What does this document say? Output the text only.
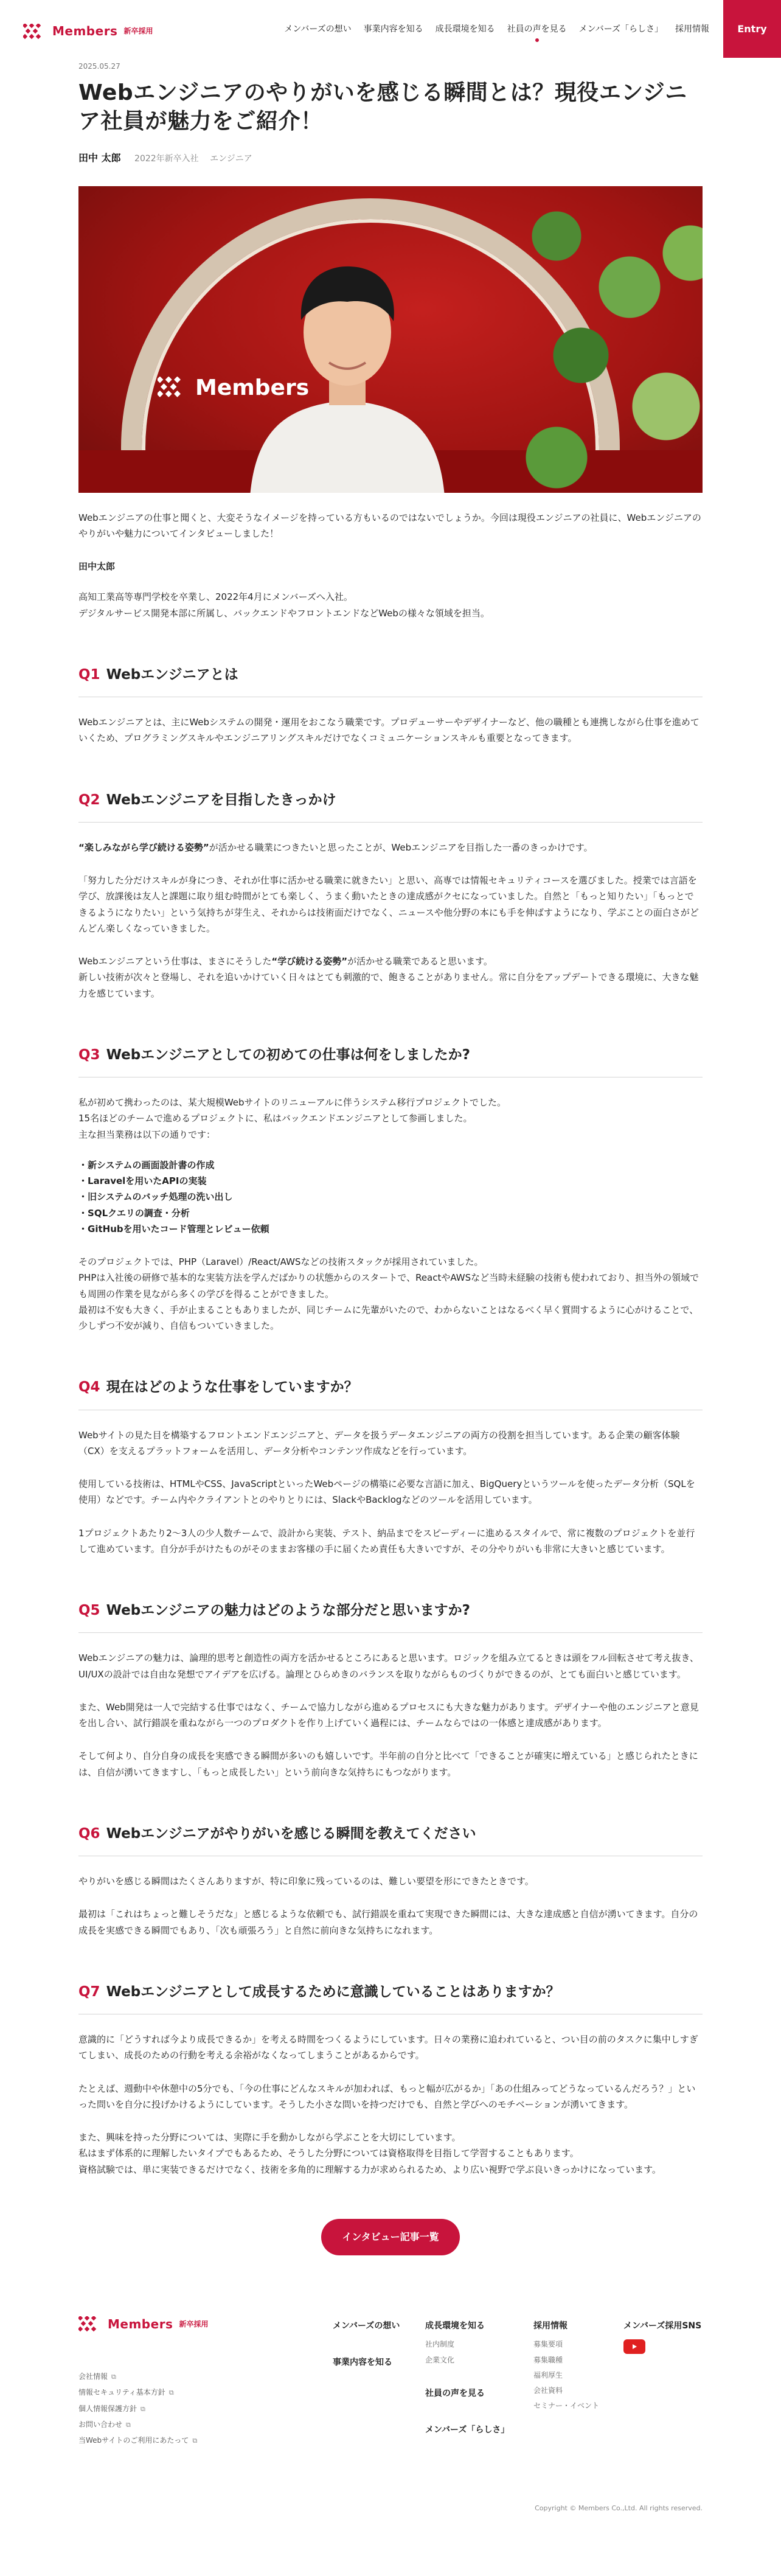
Members 新卒採用	メンバーズの想い 事業内容を知る 成長環境を知る 社員の声を見る メンバーズ「らしさ」 採用情報	Entry
2025.05.27
Webエンジニアのやりがいを感じる瞬間とは？現役エンジニア社員が魅力をご紹介！
田中 太郎 2022年新卒入社 エンジニア
Members

Webエンジニアの仕事と聞くと、大変そうなイメージを持っている方もいるのではないでしょうか。今回は現役エンジニアの社員に、Webエンジニアのやりがいや魅力についてインタビューしました！

田中太郎

高知工業高等専門学校を卒業し、2022年4月にメンバーズへ入社。
デジタルサービス開発本部に所属し、バックエンドやフロントエンドなどWebの様々な領域を担当。

Q1 Webエンジニアとは

Webエンジニアとは、主にWebシステムの開発・運用をおこなう職業です。プロデューサーやデザイナーなど、他の職種とも連携しながら仕事を進めていくため、プログラミングスキルやエンジニアリングスキルだけでなくコミュニケーションスキルも重要となってきます。

Q2 Webエンジニアを目指したきっかけ

“楽しみながら学び続ける姿勢”が活かせる職業につきたいと思ったことが、Webエンジニアを目指した一番のきっかけです。

「努力した分だけスキルが身につき、それが仕事に活かせる職業に就きたい」と思い、高専では情報セキュリティコースを選びました。授業では言語を学び、放課後は友人と課題に取り組む時間がとても楽しく、うまく動いたときの達成感がクセになっていました。自然と「もっと知りたい」「もっとできるようになりたい」という気持ちが芽生え、それからは技術面だけでなく、ニュースや他分野の本にも手を伸ばすようになり、学ぶことの面白さがどんどん楽しくなっていきました。

Webエンジニアという仕事は、まさにそうした“学び続ける姿勢”が活かせる職業であると思います。
新しい技術が次々と登場し、それを追いかけていく日々はとても刺激的で、飽きることがありません。常に自分をアップデートできる環境に、大きな魅力を感じています。

Q3 Webエンジニアとしての初めての仕事は何をしましたか?

私が初めて携わったのは、某大規模Webサイトのリニューアルに伴うシステム移行プロジェクトでした。
15名ほどのチームで進めるプロジェクトに、私はバックエンドエンジニアとして参画しました。
主な担当業務は以下の通りです：

・ 新システムの画面設計書の作成
・ Laravelを用いたAPIの実装
・ 旧システムのバッチ処理の洗い出し
・ SQLクエリの調査・分析
・ GitHubを用いたコード管理とレビュー依頼

そのプロジェクトでは、PHP（Laravel）/React/AWSなどの技術スタックが採用されていました。
PHPは入社後の研修で基本的な実装方法を学んだばかりの状態からのスタートで、ReactやAWSなど当時未経験の技術も使われており、担当外の領域でも周囲の作業を見ながら多くの学びを得ることができました。
最初は不安も大きく、手が止まることもありましたが、同じチームに先輩がいたので、わからないことはなるべく早く質問するように心がけることで、少しずつ不安が減り、自信もついていきました。

Q4 現在はどのような仕事をしていますか？

Webサイトの見た目を構築するフロントエンドエンジニアと、データを扱うデータエンジニアの両方の役割を担当しています。ある企業の顧客体験（CX）を支えるプラットフォームを活用し、データ分析やコンテンツ作成などを行っています。

使用している技術は、HTMLやCSS、JavaScriptといったWebページの構築に必要な言語に加え、BigQueryというツールを使ったデータ分析（SQLを使用）などです。チーム内やクライアントとのやりとりには、SlackやBacklogなどのツールを活用しています。

1プロジェクトあたり2〜3人の少人数チームで、設計から実装、テスト、納品までをスピーディーに進めるスタイルで、常に複数のプロジェクトを並行して進めています。自分が手がけたものがそのままお客様の手に届くため責任も大きいですが、その分やりがいも非常に大きいと感じています。

Q5 Webエンジニアの魅力はどのような部分だと思いますか?

Webエンジニアの魅力は、論理的思考と創造性の両方を活かせるところにあると思います。ロジックを組み立てるときは頭をフル回転させて考え抜き、UI/UXの設計では自由な発想でアイデアを広げる。論理とひらめきのバランスを取りながらものづくりができるのが、とても面白いと感じています。

また、Web開発は一人で完結する仕事ではなく、チームで協力しながら進めるプロセスにも大きな魅力があります。デザイナーや他のエンジニアと意見を出し合い、試行錯誤を重ねながら一つのプロダクトを作り上げていく過程には、チームならではの一体感と達成感があります。

そして何より、自分自身の成長を実感できる瞬間が多いのも嬉しいです。半年前の自分と比べて「できることが確実に増えている」と感じられたときには、自信が湧いてきますし、「もっと成長したい」という前向きな気持ちにもつながります。

Q6 Webエンジニアがやりがいを感じる瞬間を教えてください

やりがいを感じる瞬間はたくさんありますが、特に印象に残っているのは、難しい要望を形にできたときです。

最初は「これはちょっと難しそうだな」と感じるような依頼でも、試行錯誤を重ねて実現できた瞬間には、大きな達成感と自信が湧いてきます。自分の成長を実感できる瞬間でもあり、「次も頑張ろう」と自然に前向きな気持ちになれます。

Q7 Webエンジニアとして成長するために意識していることはありますか？

意識的に「どうすれば今より成長できるか」を考える時間をつくるようにしています。日々の業務に追われていると、つい目の前のタスクに集中しすぎてしまい、成長のための行動を考える余裕がなくなってしまうことがあるからです。

たとえば、週動中や休憩中の5分でも、「今の仕事にどんなスキルが加われば、もっと幅が広がるか」「あの仕組みってどうなっているんだろう？」といった問いを自分に投げかけるようにしています。そうした小さな問いを持つだけでも、自然と学びへのモチベーションが湧いてきます。

また、興味を持った分野については、実際に手を動かしながら学ぶことを大切にしています。
私はまず体系的に理解したいタイプでもあるため、そうした分野については資格取得を目指して学習することもあります。
資格試験では、単に実装できるだけでなく、技術を多角的に理解する力が求められるため、より広い視野で学ぶ良いきっかけになっています。

インタビュー記事一覧
Members 新卒採用
会社情報 ⧉
情報セキュリティ基本方針 ⧉
個人情報保護方針 ⧉
お問い合わせ ⧉
当Webサイトのご利用にあたって ⧉
メンバーズの想い
事業内容を知る
成長環境を知る
社内制度
企業文化
社員の声を見る
メンバーズ「らしさ」
採用情報
募集要項
募集職種
福利厚生
会社資料
セミナー・イベント
メンバーズ採用SNS
Copyright © Members Co.,Ltd. All rights reserved.
